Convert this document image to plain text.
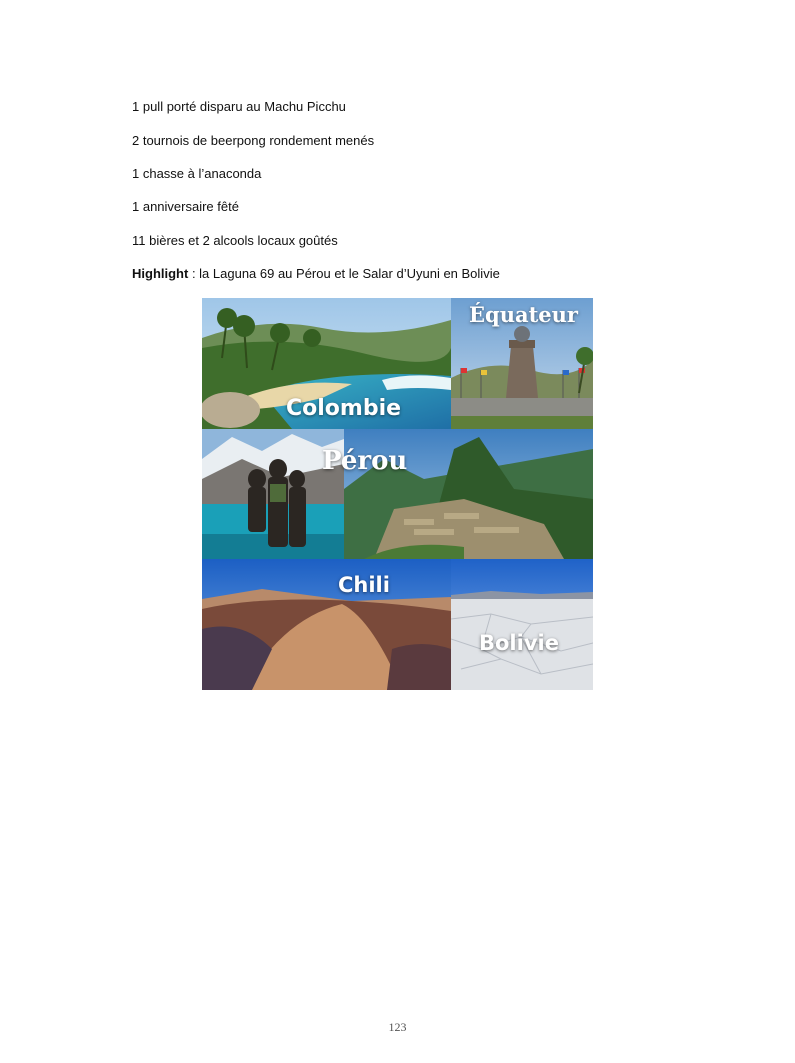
1 pull porté disparu au Machu Picchu
2 tournois de beerpong rondement menés
1 chasse à l’anaconda
1 anniversaire fêté
11 bières et 2 alcools locaux goûtés
Highlight : la Laguna 69 au Pérou et le Salar d’Uyuni en Bolivie
Colombie
Équateur
Pérou
Chili
Bolivie
123
